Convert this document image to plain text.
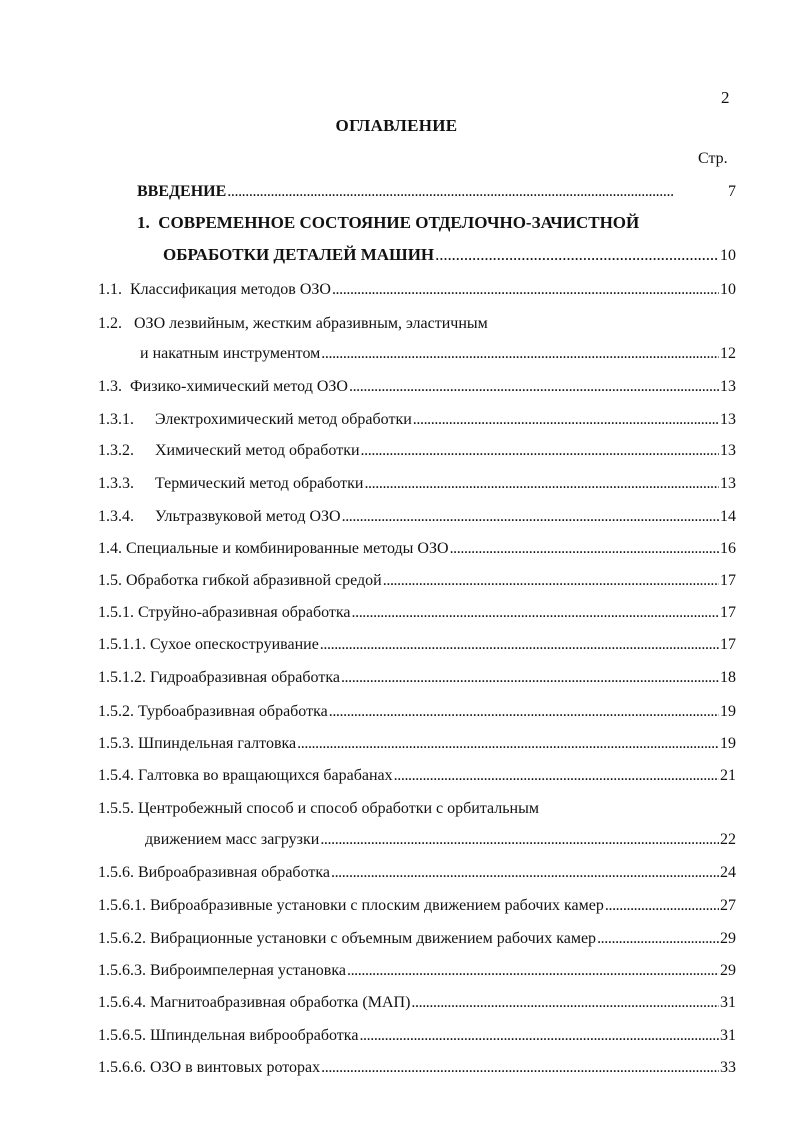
2
ОГЛАВЛЕНИЕ
Стр.
ВВЕДЕНИЕ . . .	7
1. СОВРЕМЕННОЕ СОСТОЯНИЕ ОТДЕЛОЧНО-ЗАЧИСТНОЙ
ОБРАБОТКИ ДЕТАЛЕЙ МАШИН . . .	10
1.1. Классификация методов ОЗО . . .	10
1.2. ОЗО лезвийным, жестким абразивным, эластичным
и накатным инструментом . . .	12
1.3. Физико-химический метод ОЗО . . .	13
1.3.1. Электрохимический метод обработки . . .	13
1.3.2. Химический метод обработки . . .	13
1.3.3. Термический метод обработки . . .	13
1.3.4. Ультразвуковой метод ОЗО . . .	14
1.4. Специальные и комбинированные методы ОЗО . . .	16
1.5. Обработка гибкой абразивной средой . . .	17
1.5.1. Струйно-абразивная обработка . . .	17
1.5.1.1. Сухое опескоструивание . . .	17
1.5.1.2. Гидроабразивная обработка . . .	18
1.5.2. Турбоабразивная обработка . . .	19
1.5.3. Шпиндельная галтовка . . .	19
1.5.4. Галтовка во вращающихся барабанах . . .	21
1.5.5. Центробежный способ и способ обработки с орбитальным
движением масс загрузки . . .	22
1.5.6. Виброабразивная обработка . . .	24
1.5.6.1. Виброабразивные установки с плоским движением рабочих камер . . .	27
1.5.6.2. Вибрационные установки с объемным движением рабочих камер . . .	29
1.5.6.3. Виброимпелерная установка . . .	29
1.5.6.4. Магнитоабразивная обработка (МАП) . . .	31
1.5.6.5. Шпиндельная виброобработка . . .	31
1.5.6.6. ОЗО в винтовых роторах . . .	33
